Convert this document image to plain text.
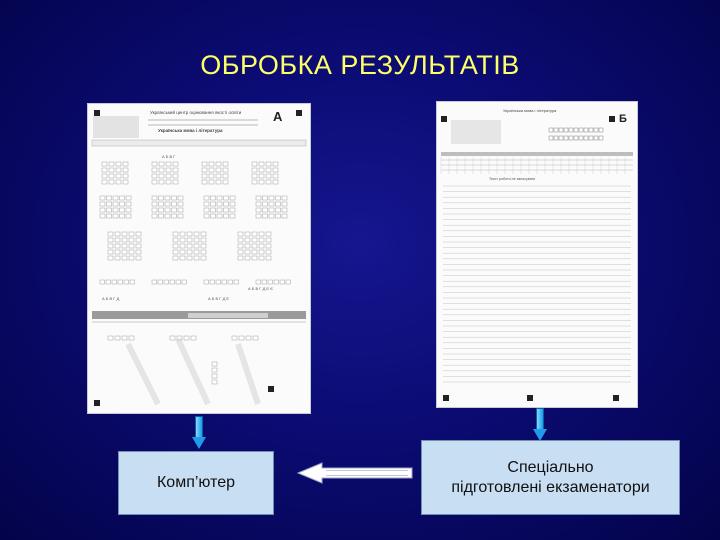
ОБРОБКА РЕЗУЛЬТАТІВ
А
Український центр оцінювання якості освіти
Українська мова і література
А Б В Г
А Б В Г Д	А Б В Г Д Е
А Б В Г Д Е Є
Б
Українська мова і література
Текст роботи не записувати
Комп’ютер
Спеціально
підготовлені екзаменатори
